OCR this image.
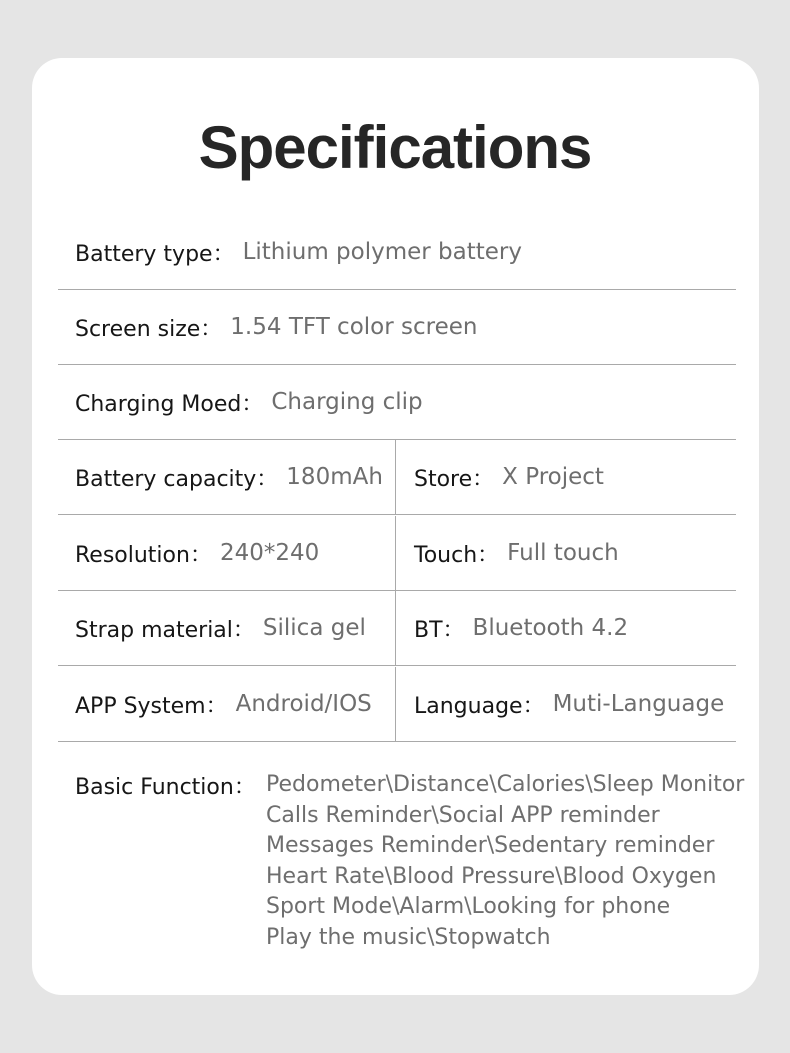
Specifications
Battery type： Lithium polymer battery
Screen size： 1.54 TFT color screen
Charging Moed： Charging clip
Battery capacity： 180mAh Store： X Project
Resolution： 240*240	Touch： Full touch
Strap material： Silica gel BT： Bluetooth 4.2
APP System： Android/IOS Language： Muti-Language
Basic Function： Pedometer\Distance\Calories\Sleep Monitor
Calls Reminder\Social APP reminder
Messages Reminder\Sedentary reminder
Heart Rate\Blood Pressure\Blood Oxygen
Sport Mode\Alarm\Looking for phone
Play the music\Stopwatch
